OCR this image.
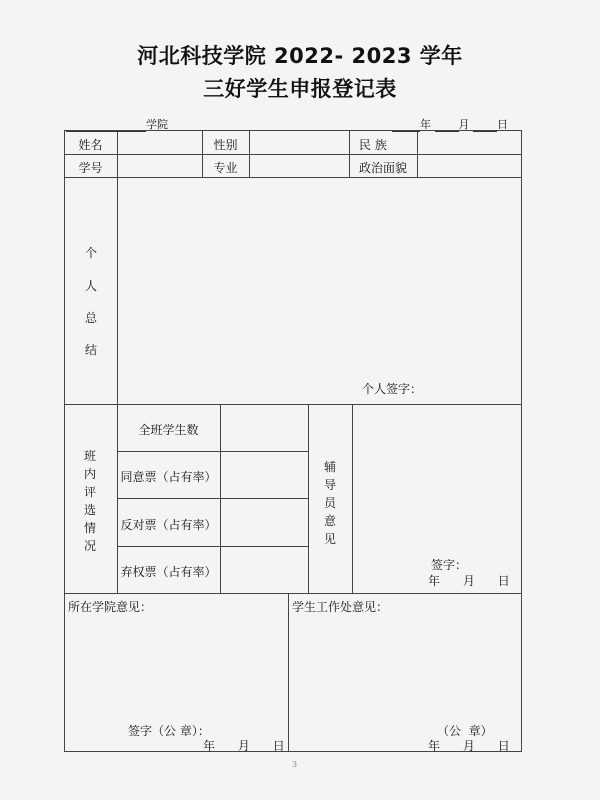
河北科技学院 2022- 2023 学年
三好学生申报登记表
学院	年	月	日
姓名	性别	民 族
学号	专业	政治面貌
个
人
总
结
个人签字：
班
内
评
选
情
况
全班学生数
同意票（占有率）
反对票（占有率）
弃权票（占有率）
辅
导
员
意
见
签字：
年      月      日
所在学院意见：	学生工作处意见：
签字（公 章）：
年      月      日
（公  章）
年      月      日
3
